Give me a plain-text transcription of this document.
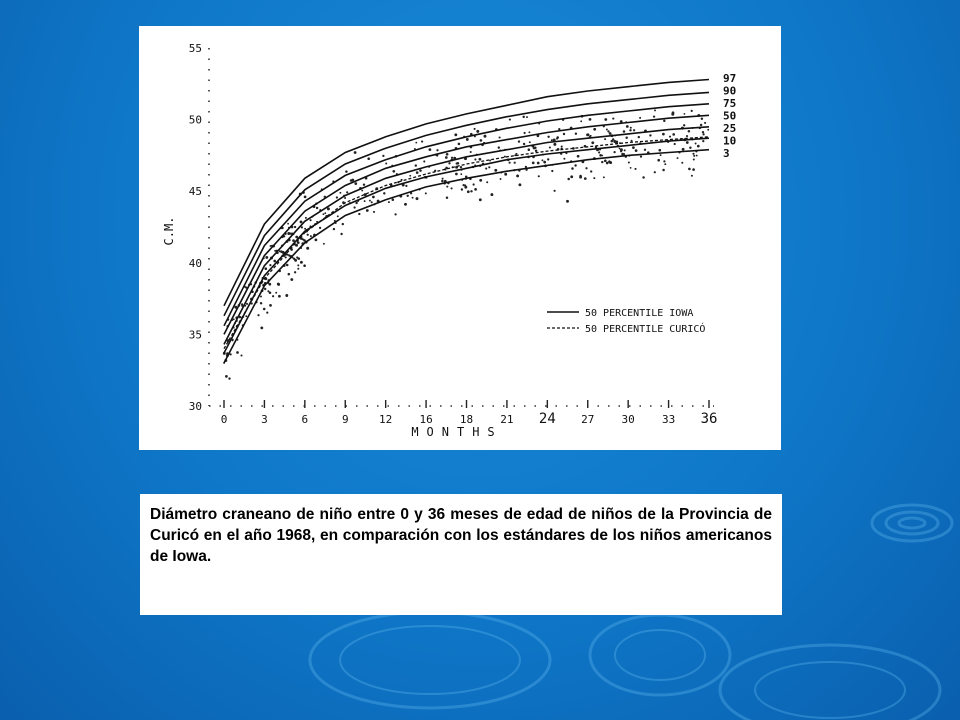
30
35
40
45
50
55
0	3	6	9	12 16 18 21 24 27 30 33 36
C.M.
MONTHS
97
90
75
50
25
10
3
50 PERCENTILE IOWA
50 PERCENTILE CURICÓ
Diámetro craneano de niño entre 0 y 36 meses de edad de niños de la Provincia de Curicó en el año 1968, en comparación con los estándares de los niños americanos de Iowa.
